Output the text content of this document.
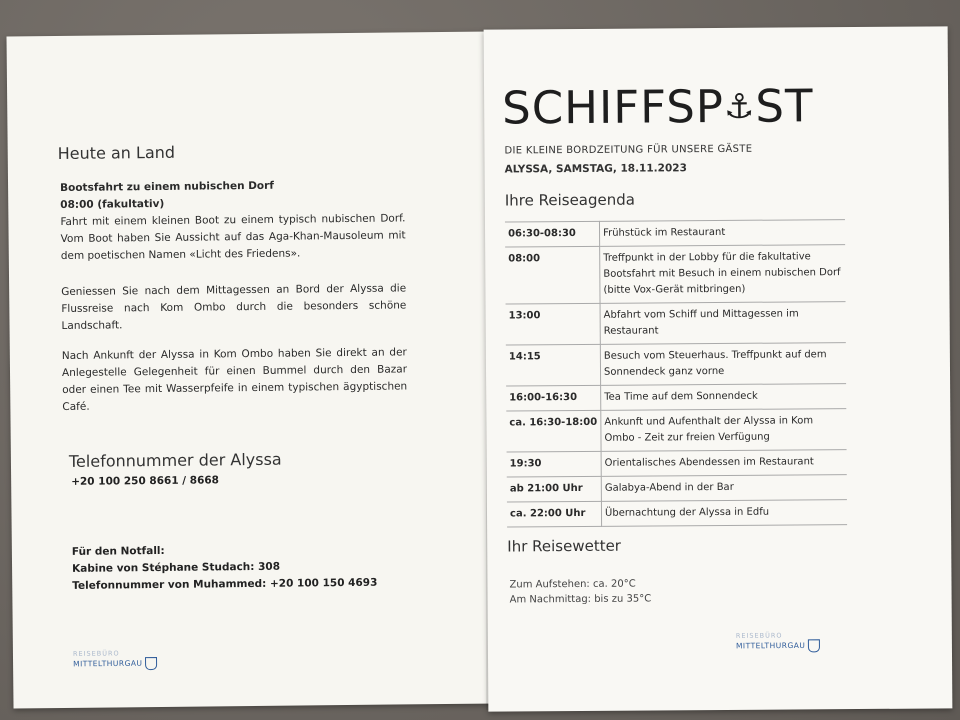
Heute an Land
Bootsfahrt zu einem nubischen Dorf
08:00 (fakultativ)
Fahrt mit einem kleinen Boot zu einem typisch nubischen Dorf. Vom Boot haben Sie Aussicht auf das Aga-Khan-Mausoleum mit dem poetischen Namen «Licht des Friedens».
Geniessen Sie nach dem Mittagessen an Bord der Alyssa die Flussreise nach Kom Ombo durch die besonders schöne Landschaft.
Nach Ankunft der Alyssa in Kom Ombo haben Sie direkt an der Anlegestelle Gelegenheit für einen Bummel durch den Bazar oder einen Tee mit Wasserpfeife in einem typischen ägyptischen Café.
Telefonnummer der Alyssa
+20 100 250 8661 / 8668
Für den Notfall:
Kabine von Stéphane Studach: 308
Telefonnummer von Muhammed: +20 100 150 4693
REISEBÜRO
MITTELTHURGAU
SCHIFFSP⚓ST
DIE KLEINE BORDZEITUNG FÜR UNSERE GÄSTE
ALYSSA, SAMSTAG, 18.11.2023
Ihre Reiseagenda
06:30-08:30	Frühstück im Restaurant
08:00	Treffpunkt in der Lobby für die fakultative Bootsfahrt mit Besuch in einem nubischen Dorf (bitte Vox-Gerät mitbringen)
13:00	Abfahrt vom Schiff und Mittagessen im Restaurant
14:15	Besuch vom Steuerhaus. Treffpunkt auf dem Sonnendeck ganz vorne
16:00-16:30	Tea Time auf dem Sonnendeck
ca. 16:30-18:00	Ankunft und Aufenthalt der Alyssa in Kom Ombo - Zeit zur freien Verfügung
19:30	Orientalisches Abendessen im Restaurant
ab 21:00 Uhr	Galabya-Abend in der Bar
ca. 22:00 Uhr	Übernachtung der Alyssa in Edfu
Ihr Reisewetter
Zum Aufstehen: ca. 20°C
Am Nachmittag: bis zu 35°C
REISEBÜRO
MITTELTHURGAU
